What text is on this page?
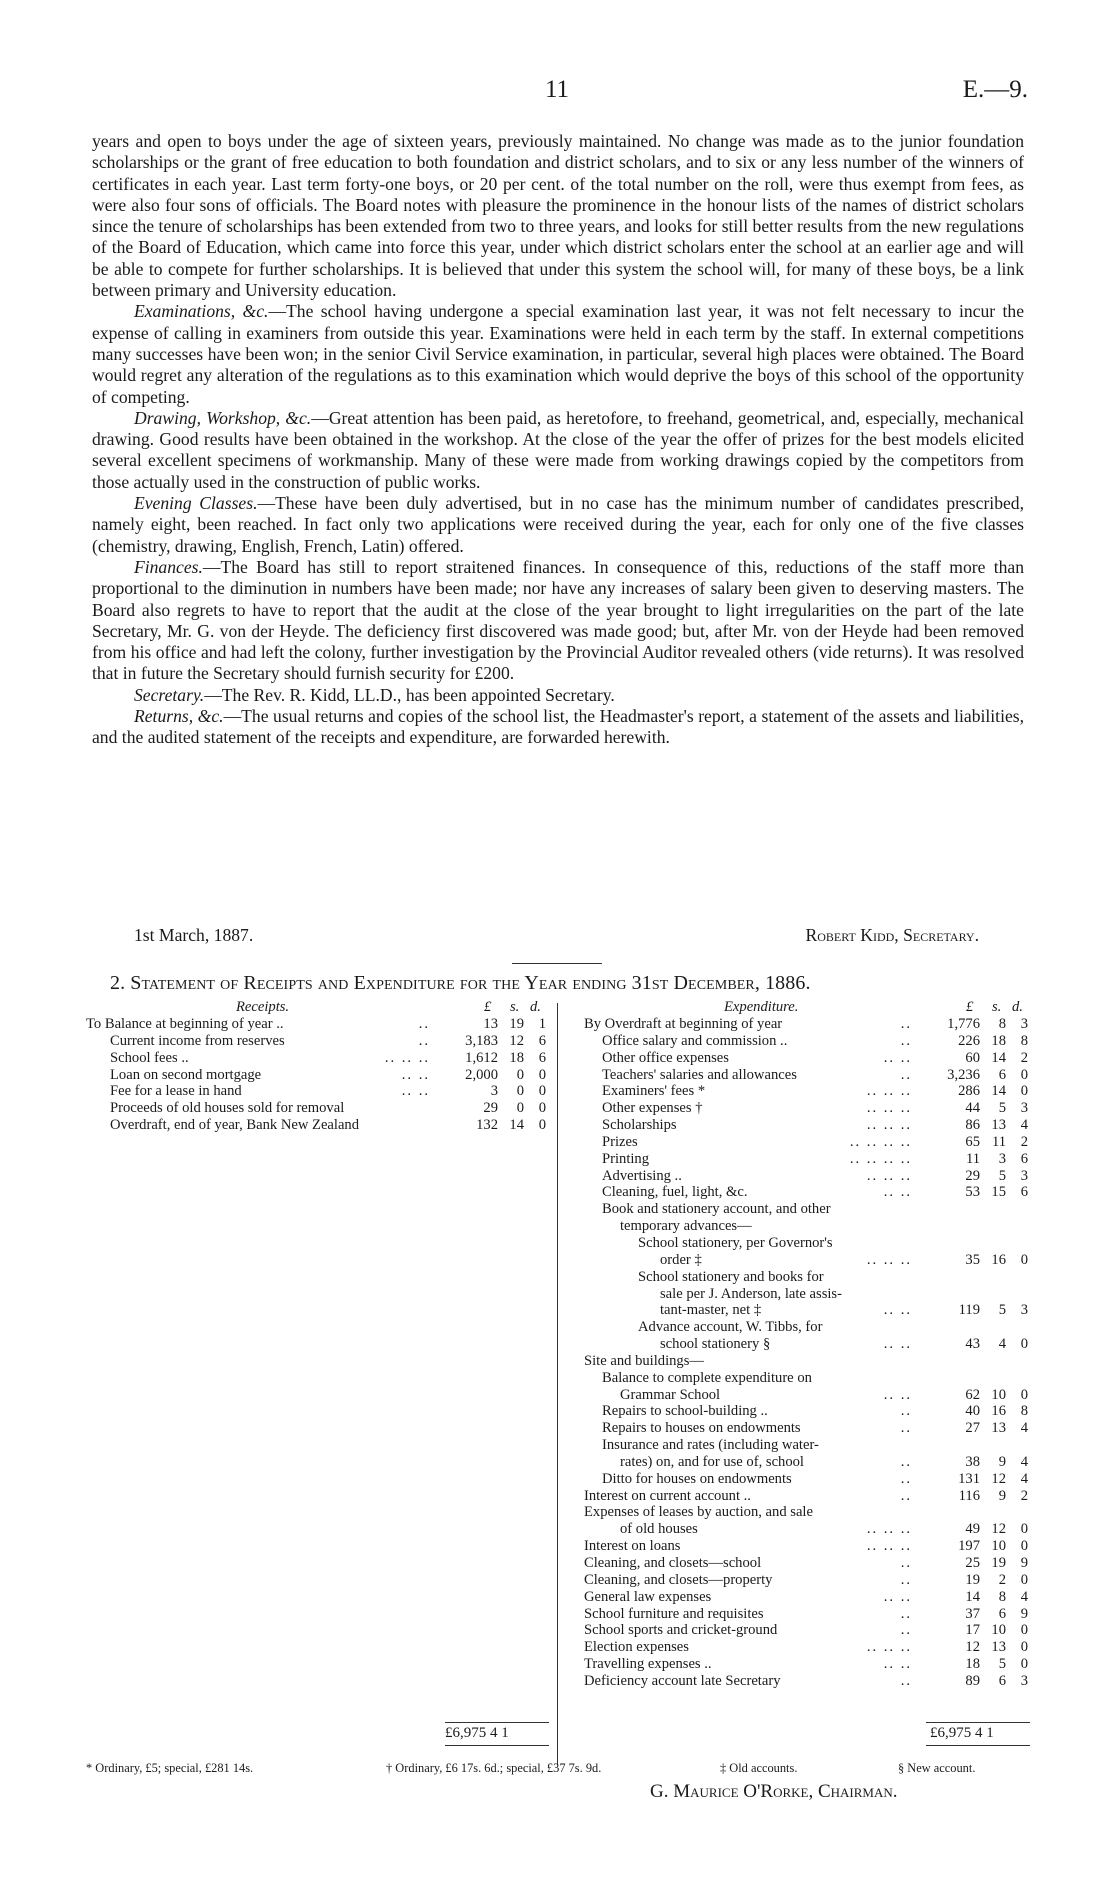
11	E.—9.

years and open to boys under the age of sixteen years, previously maintained. No change was made as to the junior foundation scholarships or the grant of free education to both foundation and district scholars, and to six or any less number of the winners of certificates in each year. Last term forty-one boys, or 20 per cent. of the total number on the roll, were thus exempt from fees, as were also four sons of officials. The Board notes with pleasure the prominence in the honour lists of the names of district scholars since the tenure of scholarships has been extended from two to three years, and looks for still better results from the new regulations of the Board of Education, which came into force this year, under which district scholars enter the school at an earlier age and will be able to compete for further scholarships. It is believed that under this system the school will, for many of these boys, be a link between primary and University education.

Examinations, &c.—The school having undergone a special examination last year, it was not felt necessary to incur the expense of calling in examiners from outside this year. Examinations were held in each term by the staff. In external competitions many successes have been won; in the senior Civil Service examination, in particular, several high places were obtained. The Board would regret any alteration of the regulations as to this examination which would deprive the boys of this school of the opportunity of competing.

Drawing, Workshop, &c.—Great attention has been paid, as heretofore, to freehand, geometrical, and, especially, mechanical drawing. Good results have been obtained in the workshop. At the close of the year the offer of prizes for the best models elicited several excellent specimens of workmanship. Many of these were made from working drawings copied by the competitors from those actually used in the construction of public works.

Evening Classes.—These have been duly advertised, but in no case has the minimum number of candidates prescribed, namely eight, been reached. In fact only two applications were received during the year, each for only one of the five classes (chemistry, drawing, English, French, Latin) offered.

Finances.—The Board has still to report straitened finances. In consequence of this, reductions of the staff more than proportional to the diminution in numbers have been made; nor have any increases of salary been given to deserving masters. The Board also regrets to have to report that the audit at the close of the year brought to light irregularities on the part of the late Secretary, Mr. G. von der Heyde. The deficiency first discovered was made good; but, after Mr. von der Heyde had been removed from his office and had left the colony, further investigation by the Provincial Auditor revealed others (vide returns). It was resolved that in future the Secretary should furnish security for £200.

Secretary.—The Rev. R. Kidd, LL.D., has been appointed Secretary.

Returns, &c.—The usual returns and copies of the school list, the Headmaster's report, a statement of the assets and liabilities, and the audited statement of the receipts and expenditure, are forwarded herewith.

1st March, 1887.	Robert Kidd, Secretary.
2. Statement of Receipts and Expenditure for the Year ending 31st December, 1886.
Receipts.	£ s. d.
To Balance at beginning of year ..	..	13 19 1
Current income from reserves	.. 3,183 12 6
School fees ..	.. .. .. 1,612 18 6
Loan on second mortgage	.. .. 2,000 0 0
Fee for a lease in hand	.. ..	3 0 0
Proceeds of old houses sold for removal	29 0 0
Overdraft, end of year, Bank New Zealand	132 14 0
Expenditure.	£ s. d.
By Overdraft at beginning of year	.. 1,776 8 3
Office salary and commission ..	..	226 18 8
Other office expenses	.. ..	60 14 2
Teachers' salaries and allowances	.. 3,236 6 0
Examiners' fees *	.. .. ..	286 14 0
Other expenses †	.. .. ..	44 5 3
Scholarships	.. .. ..	86 13 4
Prizes	.. .. .. ..	65 11 2
Printing	.. .. .. ..	11 3 6
Advertising ..	.. .. ..	29 5 3
Cleaning, fuel, light, &c.	.. ..	53 15 6
Book and stationery account, and other
temporary advances—
School stationery, per Governor's
order ‡	.. .. ..	35 16 0
School stationery and books for
sale per J. Anderson, late assis-
tant-master, net ‡	.. ..	119 5 3
Advance account, W. Tibbs, for
school stationery §	.. ..	43 4 0
Site and buildings—
Balance to complete expenditure on
Grammar School	.. ..	62 10 0
Repairs to school-building ..	..	40 16 8
Repairs to houses on endowments	..	27 13 4
Insurance and rates (including water-
rates) on, and for use of, school	..	38 9 4
Ditto for houses on endowments	..	131 12 4
Interest on current account ..	..	116 9 2
Expenses of leases by auction, and sale
of old houses	.. .. ..	49 12 0
Interest on loans	.. .. ..	197 10 0
Cleaning, and closets—school	..	25 19 9
Cleaning, and closets—property	..	19 2 0
General law expenses	.. ..	14 8 4
School furniture and requisites	..	37 6 9
School sports and cricket-ground	..	17 10 0
Election expenses	.. .. ..	12 13 0
Travelling expenses ..	.. ..	18 5 0
Deficiency account late Secretary	..	89 6 3
£6,975 4 1	£6,975 4 1
* Ordinary, £5; special, £281 14s.	† Ordinary, £6 17s. 6d.; special, £37 7s. 9d.	‡ Old accounts.	§ New account.
G. Maurice O'Rorke, Chairman.
